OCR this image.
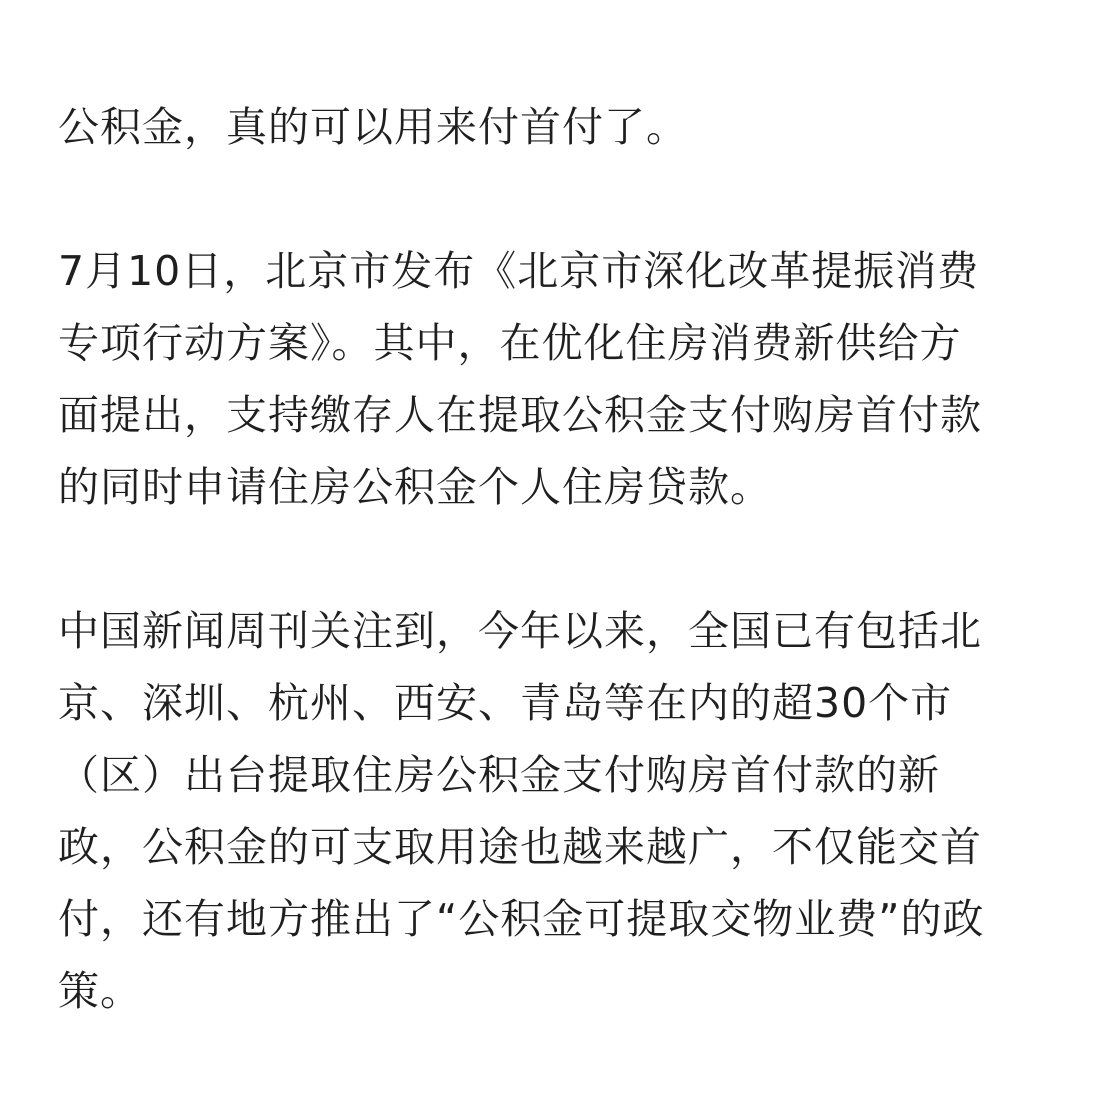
公积金，真的可以用来付首付了。

7月10日，北京市发布《北京市深化改革提振消费
专项行动方案》。其中，在优化住房消费新供给方
面提出，支持缴存人在提取公积金支付购房首付款
的同时申请住房公积金个人住房贷款。

中国新闻周刊关注到，今年以来，全国已有包括北
京、深圳、杭州、西安、青岛等在内的超30个市
（区）出台提取住房公积金支付购房首付款的新
政，公积金的可支取用途也越来越广，不仅能交首
付，还有地方推出了“公积金可提取交物业费”的政
策。
